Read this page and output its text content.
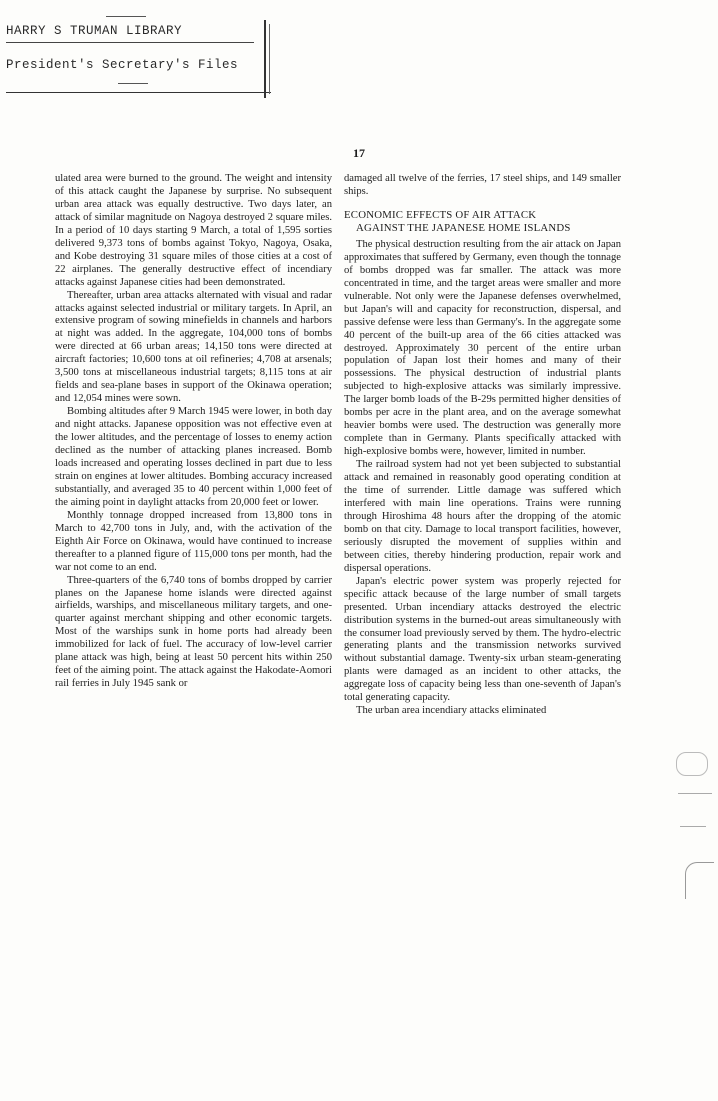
HARRY S TRUMAN LIBRARY
President's Secretary's Files
17

ulated area were burned to the ground. The weight and intensity of this attack caught the Japanese by surprise. No subsequent urban area attack was equally destructive. Two days later, an attack of similar magnitude on Nagoya destroyed 2 square miles. In a period of 10 days starting 9 March, a total of 1,595 sorties delivered 9,373 tons of bombs against Tokyo, Nagoya, Osaka, and Kobe destroying 31 square miles of those cities at a cost of 22 airplanes. The generally destructive effect of incendiary attacks against Japanese cities had been demonstrated.

Thereafter, urban area attacks alternated with visual and radar attacks against selected industrial or military targets. In April, an extensive program of sowing minefields in channels and harbors at night was added. In the aggregate, 104,000 tons of bombs were directed at 66 urban areas; 14,150 tons were directed at aircraft factories; 10,600 tons at oil refineries; 4,708 at arsenals; 3,500 tons at miscellaneous industrial targets; 8,115 tons at air fields and sea-plane bases in support of the Okinawa operation; and 12,054 mines were sown.

Bombing altitudes after 9 March 1945 were lower, in both day and night attacks. Japanese opposition was not effective even at the lower altitudes, and the percentage of losses to enemy action declined as the number of attacking planes increased. Bomb loads increased and operating losses declined in part due to less strain on engines at lower altitudes. Bombing accuracy increased substantially, and averaged 35 to 40 percent within 1,000 feet of the aiming point in daylight attacks from 20,000 feet or lower.

Monthly tonnage dropped increased from 13,800 tons in March to 42,700 tons in July, and, with the activation of the Eighth Air Force on Okinawa, would have continued to increase thereafter to a planned figure of 115,000 tons per month, had the war not come to an end.

Three-quarters of the 6,740 tons of bombs dropped by carrier planes on the Japanese home islands were directed against airfields, warships, and miscellaneous military targets, and one-quarter against merchant shipping and other economic targets. Most of the warships sunk in home ports had already been immobilized for lack of fuel. The accuracy of low-level carrier plane attack was high, being at least 50 percent hits within 250 feet of the aiming point. The attack against the Hakodate-Aomori rail ferries in July 1945 sank or

damaged all twelve of the ferries, 17 steel ships, and 149 smaller ships.

ECONOMIC EFFECTS OF AIR ATTACK
AGAINST THE JAPANESE HOME ISLANDS

The physical destruction resulting from the air attack on Japan approximates that suffered by Germany, even though the tonnage of bombs dropped was far smaller. The attack was more concentrated in time, and the target areas were smaller and more vulnerable. Not only were the Japanese defenses overwhelmed, but Japan's will and capacity for reconstruction, dispersal, and passive defense were less than Germany's. In the aggregate some 40 percent of the built-up area of the 66 cities attacked was destroyed. Approximately 30 percent of the entire urban population of Japan lost their homes and many of their possessions. The physical destruction of industrial plants subjected to high-explosive attacks was similarly impressive. The larger bomb loads of the B-29s permitted higher densities of bombs per acre in the plant area, and on the average somewhat heavier bombs were used. The destruction was generally more complete than in Germany. Plants specifically attacked with high-explosive bombs were, however, limited in number.

The railroad system had not yet been subjected to substantial attack and remained in reasonably good operating condition at the time of surrender. Little damage was suffered which interfered with main line operations. Trains were running through Hiroshima 48 hours after the dropping of the atomic bomb on that city. Damage to local transport facilities, however, seriously disrupted the movement of supplies within and between cities, thereby hindering production, repair work and dispersal operations.

Japan's electric power system was properly rejected for specific attack because of the large number of small targets presented. Urban incendiary attacks destroyed the electric distribution systems in the burned-out areas simultaneously with the consumer load previously served by them. The hydro-electric generating plants and the transmission networks survived without substantial damage. Twenty-six urban steam-generating plants were damaged as an incident to other attacks, the aggregate loss of capacity being less than one-seventh of Japan's total generating capacity.

The urban area incendiary attacks eliminated
